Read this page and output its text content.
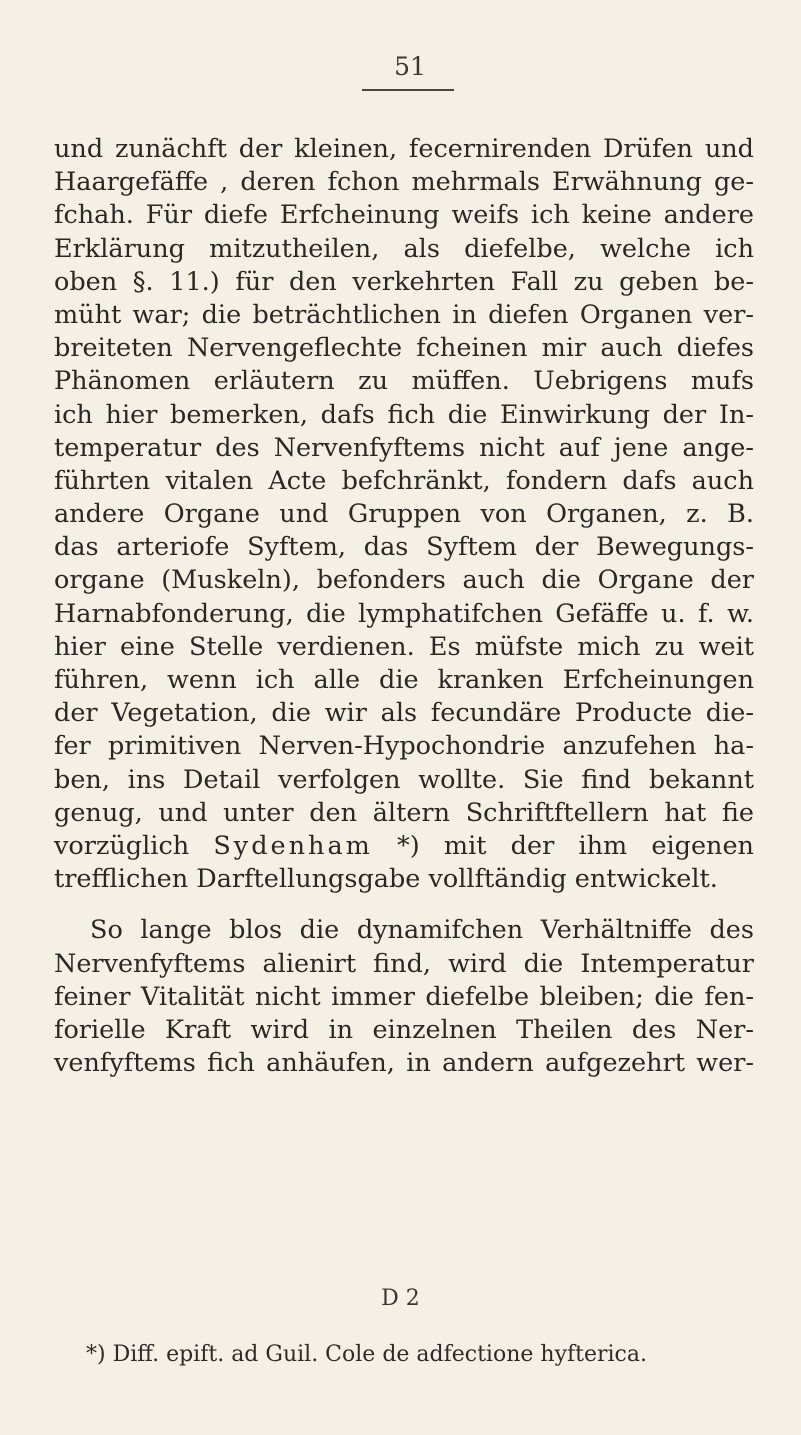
51
und zunächft der kleinen, fecernirenden Drüfen und
Haargefäffe , deren fchon mehrmals Erwähnung ge-
fchah. Für diefe Erfcheinung weifs ich keine andere
Erklärung mitzutheilen, als diefelbe, welche ich
oben §. 11.) für den verkehrten Fall zu geben be-
müht war; die beträchtlichen in diefen Organen ver-
breiteten Nervengeflechte fcheinen mir auch diefes
Phänomen erläutern zu müffen. Uebrigens mufs
ich hier bemerken, dafs fich die Einwirkung der In-
temperatur des Nervenfyftems nicht auf jene ange-
führten vitalen Acte befchränkt, fondern dafs auch
andere Organe und Gruppen von Organen, z. B.
das arteriofe Syftem, das Syftem der Bewegungs-
organe (Muskeln), befonders auch die Organe der
Harnabfonderung, die lymphatifchen Gefäffe u. f. w.
hier eine Stelle verdienen. Es müfste mich zu weit
führen, wenn ich alle die kranken Erfcheinungen
der Vegetation, die wir als fecundäre Producte die-
fer primitiven Nerven-Hypochondrie anzufehen ha-
ben, ins Detail verfolgen wollte. Sie find bekannt
genug, und unter den ältern Schriftftellern hat fie
vorzüglich Sydenham *) mit der ihm eigenen
trefflichen Darftellungsgabe vollftändig entwickelt.
So lange blos die dynamifchen Verhältniffe des
Nervenfyftems alienirt find, wird die Intemperatur
feiner Vitalität nicht immer diefelbe bleiben; die fen-
forielle Kraft wird in einzelnen Theilen des Ner-
venfyftems fich anhäufen, in andern aufgezehrt wer-
D 2
*) Diff. epift. ad Guil. Cole de adfectione hyfterica.
